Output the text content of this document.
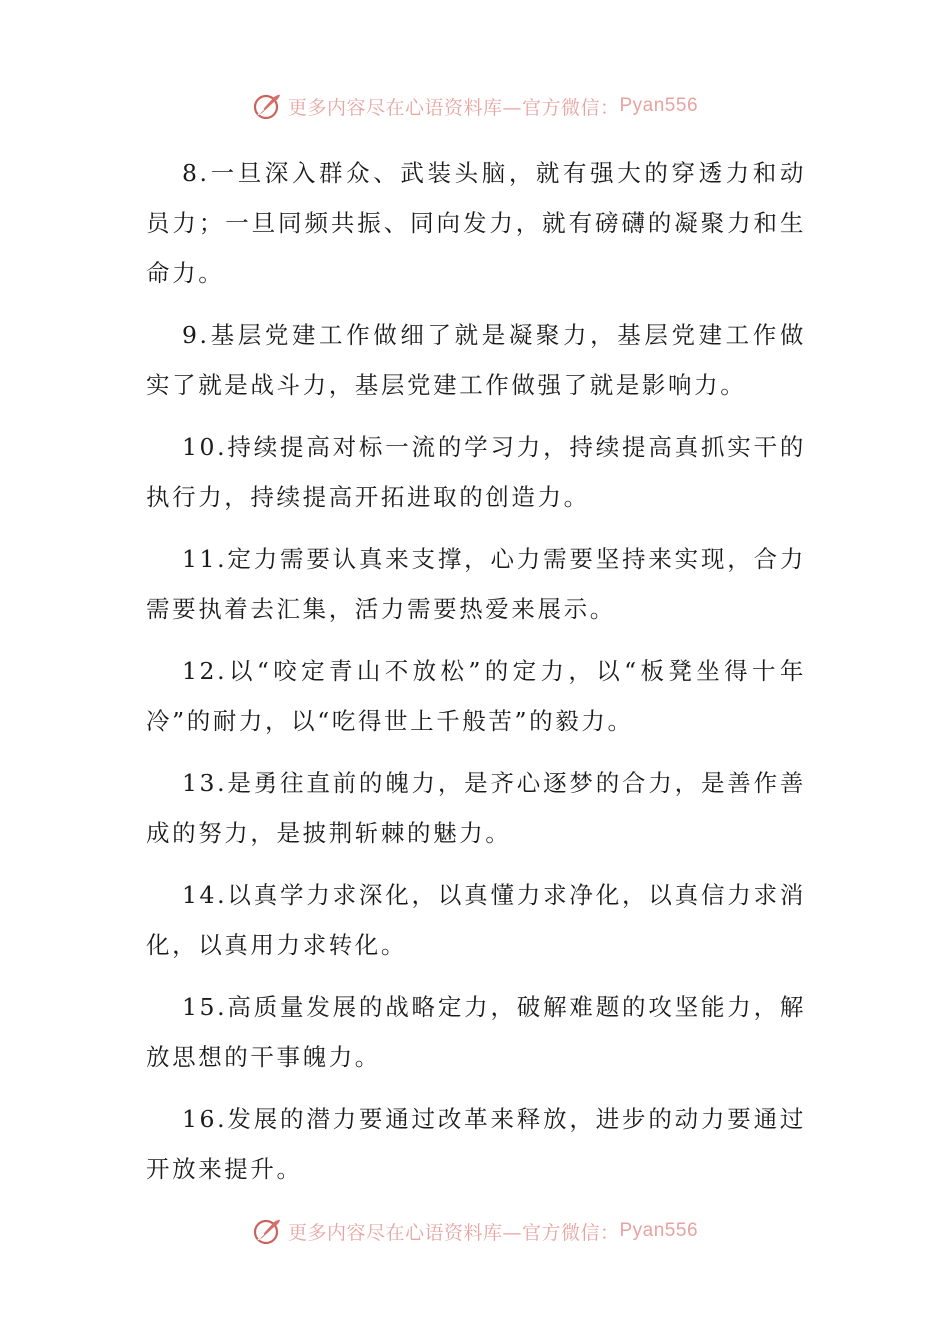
更多内容尽在心语资料库—官方微信： Pyan556

8.一旦深入群众、武装头脑，就有强大的穿透力和动员力；一旦同频共振、同向发力，就有磅礴的凝聚力和生命力。

9.基层党建工作做细了就是凝聚力，基层党建工作做实了就是战斗力，基层党建工作做强了就是影响力。

10.持续提高对标一流的学习力，持续提高真抓实干的执行力，持续提高开拓进取的创造力。

11.定力需要认真来支撑，心力需要坚持来实现，合力需要执着去汇集，活力需要热爱来展示。

12.以“咬定青山不放松”的定力，以“板凳坐得十年冷”的耐力，以“吃得世上千般苦”的毅力。

13.是勇往直前的魄力，是齐心逐梦的合力，是善作善成的努力，是披荆斩棘的魅力。

14.以真学力求深化，以真懂力求净化，以真信力求消化，以真用力求转化。

15.高质量发展的战略定力，破解难题的攻坚能力，解放思想的干事魄力。

16.发展的潜力要通过改革来释放，进步的动力要通过开放来提升。

更多内容尽在心语资料库—官方微信： Pyan556
